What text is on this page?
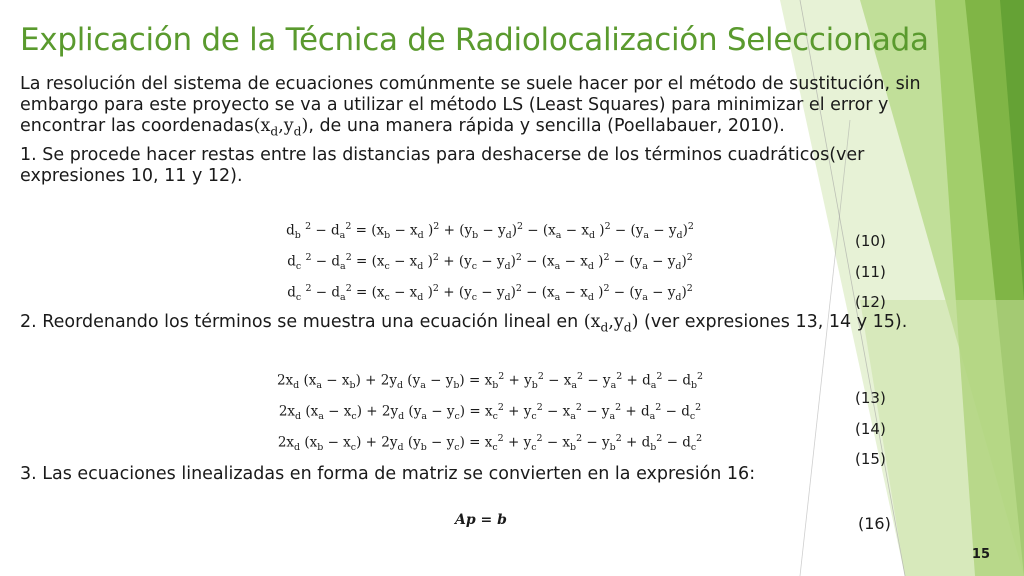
Explicación de la Técnica de Radiolocalización Seleccionada

La resolución del sistema de ecuaciones comúnmente se suele hacer por el método de sustitución, sin embargo para este proyecto se va a utilizar el método LS (Least Squares) para minimizar el error y encontrar las $coordenadas(x_d,y_d)$, de una manera rápida y sencilla (Poellabauer, 2010).

1. Se procede hacer restas entre las distancias para deshacerse de los términos cuadráticos(ver expresiones 10, 11 y 12).

$d_b$ $^2 - d_a^2 = (x_b - x_d$ )$^2 + (y_b - y_d)^2 - (x_a - x_d$ )$^2 - (y_a - y_d)^2$
$d_c$ $^2 - d_a^2 = (x_c - x_d$ )$^2 + (y_c - y_d)^2 - (x_a - x_d$ )$^2 - (y_a - y_d)^2$
$d_c$ $^2 - d_a^2 = (x_c - x_d$ )$^2 + (y_c - y_d)^2 - (x_a - x_d$ )$^2 - (y_a - y_d)^2$
(10)
(11)
(12)

2. Reordenando los términos se muestra una ecuación lineal en $(x_d,y_d)$ (ver expresiones 13, 14 y 15).

$2x_d$ $(x_a - x_b) + 2y_d$ $(y_a - y_b) = x_b^2 + y_b^2 - x_a^2 - y_a^2 + d_a^2 - d_b^2$
$2x_d$ $(x_a - x_c) + 2y_d$ $(y_a - y_c) = x_c^2 + y_c^2 - x_a^2 - y_a^2 + d_a^2 - d_c^2$
$2x_d$ $(x_b - x_c) + 2y_d$ $(y_b - y_c) = x_c^2 + y_c^2 - x_b^2 - y_b^2 + d_b^2 - d_c^2$
(13)
(14)
(15)

3. Las ecuaciones linealizadas en forma de matriz se convierten en la expresión 16:

Ap = b	(16)
15
